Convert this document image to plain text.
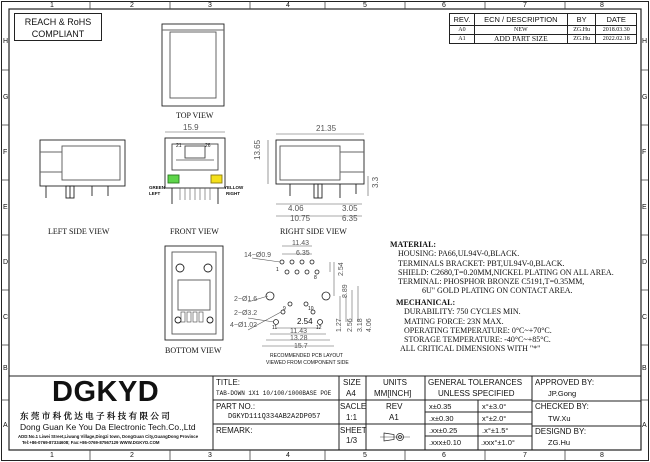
1	2	3	4	5	6	7	8
1	2	3	4	5	6	7	8
H
G
F
E
D
C
B
A
H
G
F
E
D
C
B
A
REACH & RoHS
COMPLIANT
REV.	ECN / DESCRIPTION	BY	DATE
A0	NEW	ZG.Hu	2018.03.30
A1	ADD PART SIZE	ZG.Hu	2022.02.18
TOP VIEW
LEFT SIDE VIEW	FRONT VIEW	RIGHT SIDE VIEW
BOTTOM VIEW
RECOMMENDED PCB LAYOUT
VIEWED FROM COMPONENT SIDE
15.9	21.35
13.65
3.3
4.06	3.05
10.75	6.35
14−Ø0.9
11.43
6.35
2.54
8.89
2−Ø1.6
2−Ø3.2
4−Ø1.02	2.54
11.43
13.28
15.7
1.27 2.56 3.18 4.06
21	26
1
8
9	10
11	12
GREEN
LEFT
YELLOW
RIGHT
MATERIAL:
HOUSING: PA66,UL94V-0,BLACK.
TERMINALS BRACKET: PBT,UL94V-0,BLACK.
SHIELD: C2680,T=0.20MM,NICKEL PLATING ON ALL AREA.
TERMINAL: PHOSPHOR BRONZE C5191,T=0.35MM,
6U" GOLD PLATING ON CONTACT AREA.
MECHANICAL:
DURABILITY: 750 CYCLES MIN.
MATING FORCE: 23N MAX.
OPERATING TEMPERATURE: 0°C~+70°C.
STORAGE TEMPERATURE: -40°C~+85°C.
ALL CRITICAL DIMENSIONS WITH "*"
DGKYD
东 莞 市 科 优 达 电 子 科 技 有 限 公 司
Dong Guan Ke You Da Electronic Tech.Co.,Ltd
ADD:No.1 Liwei Street,Liwang Village,Dingzi town, DongGuan City,GuangDong Province
Tel:+86-0769-87334608; Fax:+86-0769-87567129 WWW.DGKYD.COM
TITLE:
TAB-DOWN 1X1 10/100/1000BASE POE
PART NO.:
DGKYD111Q334AB2A2DP057
REMARK:
SIZE
A4
SACLE
1:1
SHEET
1/3
UNITS
MM[INCH]
REV
A1
GENERAL TOLERANCES
UNLESS SPECIFIED
x±0.35	x°±3.0°
.x±0.30	x°±2.0°
.xx±0.25	.x°±1.5°
.xxx±0.10	.xxx°±1.0°
APPROVED BY:
JP.Gong
CHECKED BY:
TW.Xu
DESIGND BY:
ZG.Hu
